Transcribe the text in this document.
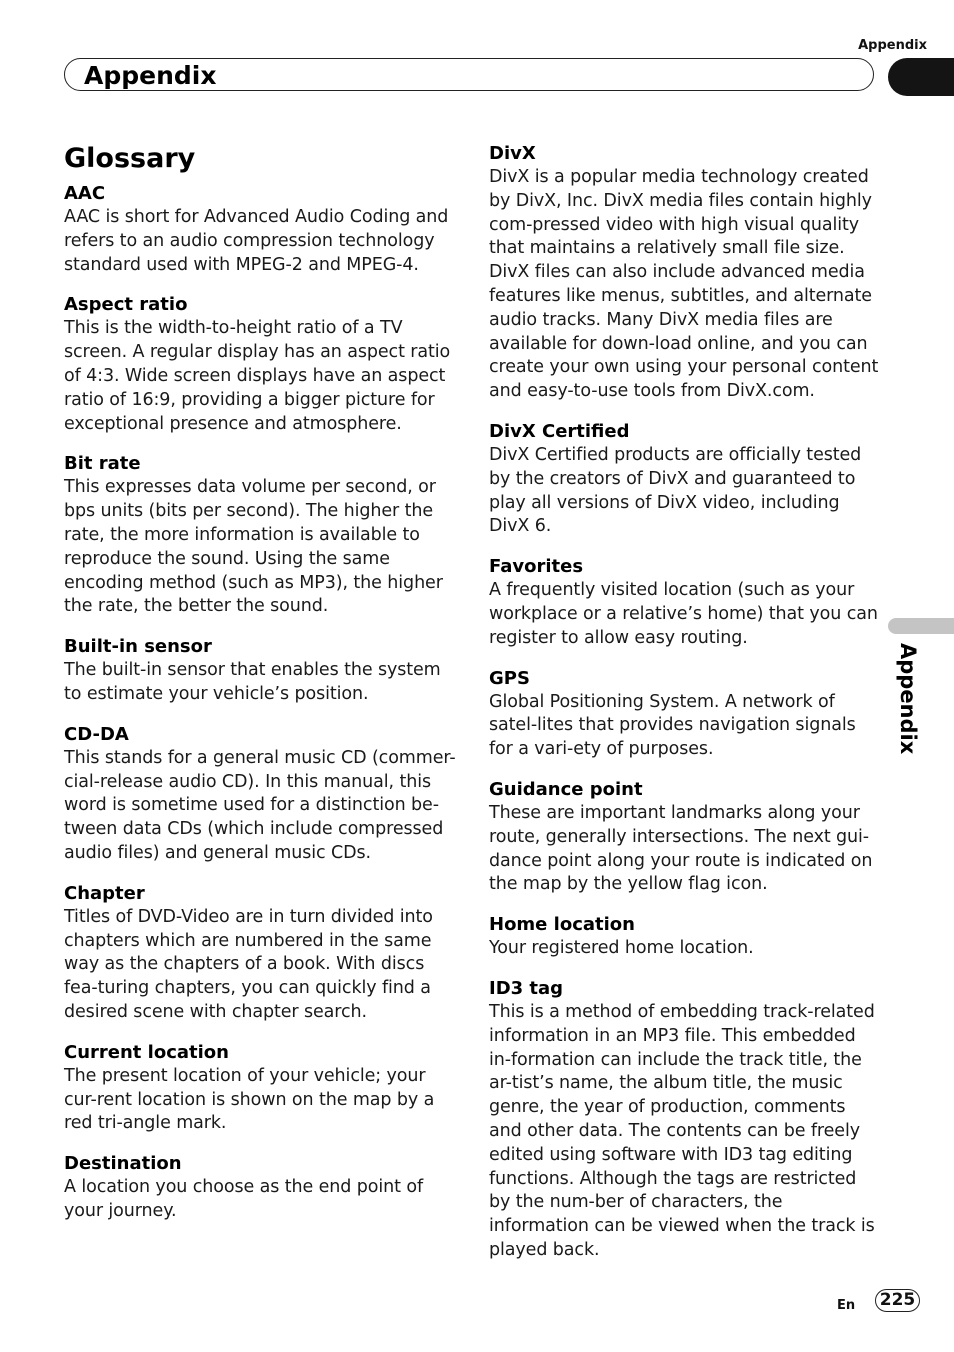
Appendix
Appendix
Appendix
Glossary
AAC
AAC is short for Advanced Audio Coding and refers to an audio compression technology standard used with MPEG-2 and MPEG-4.
Aspect ratio
This is the width-to-height ratio of a TV screen. A regular display has an aspect ratio of 4:3. Wide screen displays have an aspect ratio of 16:9, providing a bigger picture for exceptional presence and atmosphere.
Bit rate
This expresses data volume per second, or bps units (bits per second). The higher the rate, the more information is available to reproduce the sound. Using the same encoding method (such as MP3), the higher the rate, the better the sound.
Built-in sensor
The built-in sensor that enables the system to estimate your vehicle’s position.
CD-DA
This stands for a general music CD (commer-cial-release audio CD). In this manual, this word is sometime used for a distinction be-tween data CDs (which include compressed audio files) and general music CDs.
Chapter
Titles of DVD-Video are in turn divided into chapters which are numbered in the same way as the chapters of a book. With discs fea-turing chapters, you can quickly find a desired scene with chapter search.
Current location
The present location of your vehicle; your cur-rent location is shown on the map by a red tri-angle mark.
Destination
A location you choose as the end point of your journey.
DivX
DivX is a popular media technology created by DivX, Inc. DivX media files contain highly com-pressed video with high visual quality that maintains a relatively small file size. DivX files can also include advanced media features like menus, subtitles, and alternate audio tracks. Many DivX media files are available for down-load online, and you can create your own using your personal content and easy-to-use tools from DivX.com.
DivX Certified
DivX Certified products are officially tested by the creators of DivX and guaranteed to play all versions of DivX video, including DivX 6.
Favorites
A frequently visited location (such as your workplace or a relative’s home) that you can register to allow easy routing.
GPS
Global Positioning System. A network of satel-lites that provides navigation signals for a vari-ety of purposes.
Guidance point
These are important landmarks along your route, generally intersections. The next gui-dance point along your route is indicated on the map by the yellow flag icon.
Home location
Your registered home location.
ID3 tag
This is a method of embedding track-related information in an MP3 file. This embedded in-formation can include the track title, the ar-tist’s name, the album title, the music genre, the year of production, comments and other data. The contents can be freely edited using software with ID3 tag editing functions. Although the tags are restricted by the num-ber of characters, the information can be viewed when the track is played back.
En 225
